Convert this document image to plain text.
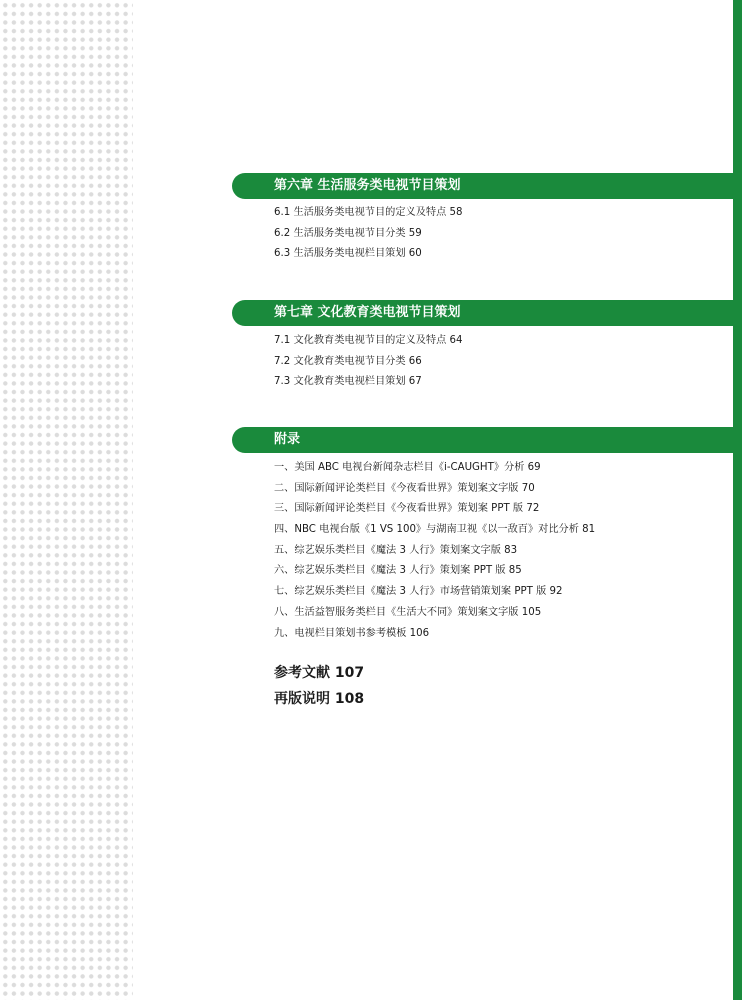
第六章 生活服务类电视节目策划
6.1 生活服务类电视节目的定义及特点 58
6.2 生活服务类电视节目分类 59
6.3 生活服务类电视栏目策划 60
第七章 文化教育类电视节目策划
7.1 文化教育类电视节目的定义及特点 64
7.2 文化教育类电视节目分类 66
7.3 文化教育类电视栏目策划 67
附录
一、美国 ABC 电视台新闻杂志栏目《i-CAUGHT》分析 69
二、国际新闻评论类栏目《今夜看世界》策划案文字版 70
三、国际新闻评论类栏目《今夜看世界》策划案 PPT 版 72
四、NBC 电视台版《1 VS 100》与湖南卫视《以一敌百》对比分析 81
五、综艺娱乐类栏目《魔法 3 人行》策划案文字版 83
六、综艺娱乐类栏目《魔法 3 人行》策划案 PPT 版 85
七、综艺娱乐类栏目《魔法 3 人行》市场营销策划案 PPT 版 92
八、生活益智服务类栏目《生活大不同》策划案文字版 105
九、电视栏目策划书参考模板 106
参考文献 107
再版说明 108
